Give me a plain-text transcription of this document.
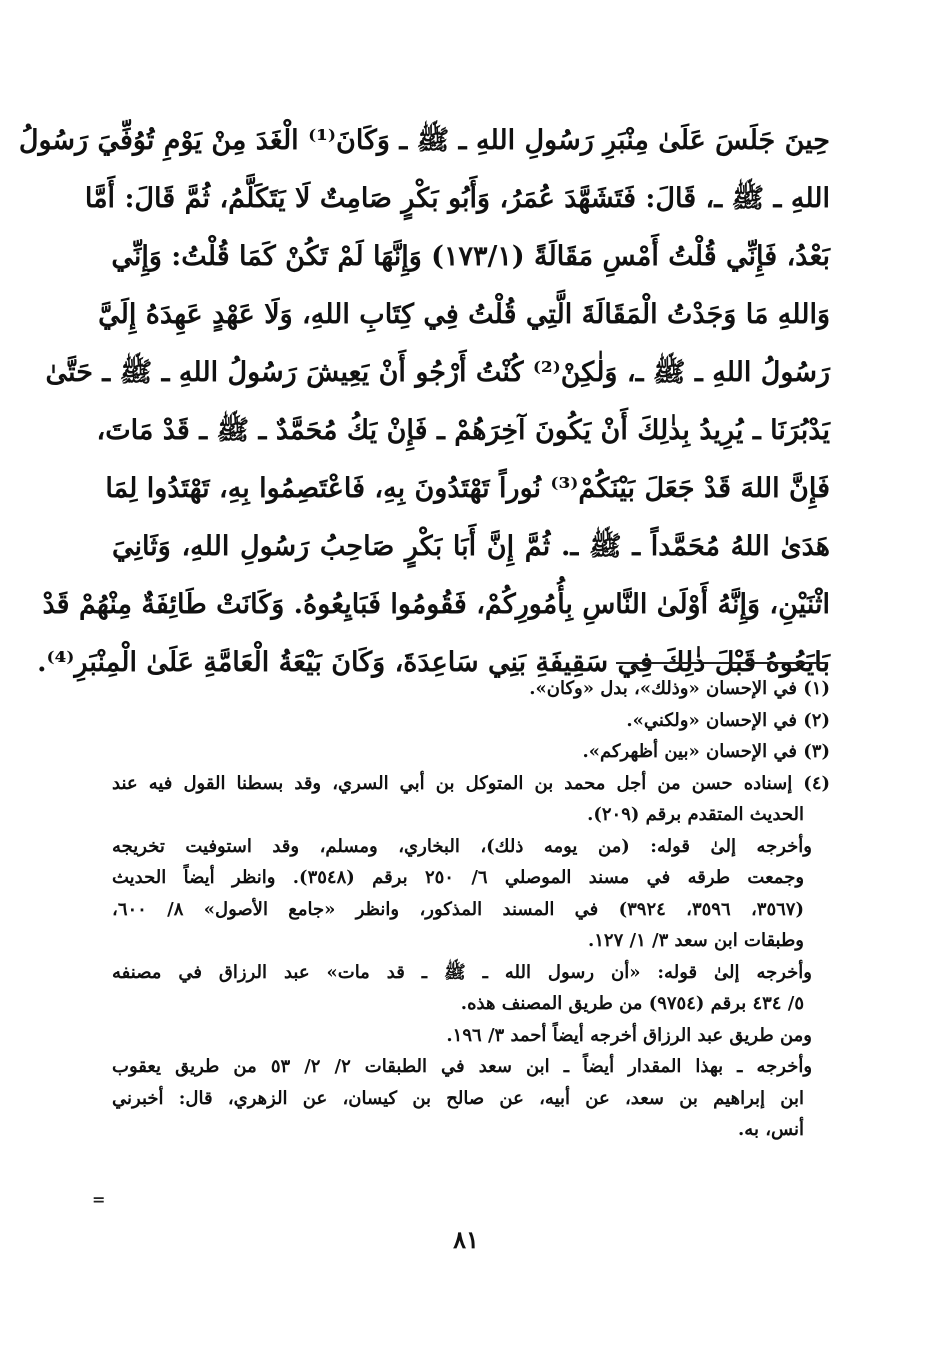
حِينَ جَلَسَ عَلَىٰ مِنْبَرِ رَسُولِ اللهِ ـ ﷺ ـ وَكَانَ⁽¹⁾ الْغَدَ مِنْ يَوْمِ تُوُفِّيَ رَسُولُ
اللهِ ـ ﷺ ـ، قَالَ: فَتَشَهَّدَ عُمَرُ، وَأَبُو بَكْرٍ صَامِتٌ لَا يَتَكَلَّمُ، ثُمَّ قَالَ: أَمَّا
بَعْدُ، فَإِنِّي قُلْتُ أَمْسِ مَقَالَةً (١٧٣/١) وَإِنَّهَا لَمْ تَكُنْ كَمَا قُلْتُ: وَإِنِّي
وَاللهِ مَا وَجَدْتُ الْمَقَالَةَ الَّتِي قُلْتُ فِي كِتَابِ اللهِ، وَلَا عَهْدٍ عَهِدَهُ إِلَيَّ
رَسُولُ اللهِ ـ ﷺ ـ، وَلٰكِنْ⁽²⁾ كُنْتُ أَرْجُو أَنْ يَعِيشَ رَسُولُ اللهِ ـ ﷺ ـ حَتَّىٰ
يَدْبُرَنَا ـ يُرِيدُ بِذٰلِكَ أَنْ يَكُونَ آخِرَهُمْ ـ فَإِنْ يَكُ مُحَمَّدٌ ـ ﷺ ـ قَدْ مَاتَ،
فَإِنَّ اللهَ قَدْ جَعَلَ بَيْنَكُمْ⁽³⁾ نُوراً تَهْتَدُونَ بِهِ، فَاعْتَصِمُوا بِهِ، تَهْتَدُوا لِمَا
هَدَىٰ اللهُ مُحَمَّداً ـ ﷺ ـ. ثُمَّ إِنَّ أَبَا بَكْرٍ صَاحِبُ رَسُولِ اللهِ، وَثَانِيَ
اثْنَيْنِ، وَإِنَّهُ أَوْلَىٰ النَّاسِ بِأُمُورِكُمْ، فَقُومُوا فَبَايِعُوهُ. وَكَانَتْ طَائِفَةٌ مِنْهُمْ قَدْ
بَايَعُوهُ قَبْلَ ذٰلِكَ فِي سَقِيفَةِ بَنِي سَاعِدَةَ، وَكَانَ بَيْعَةُ الْعَامَّةِ عَلَىٰ الْمِنْبَرِ⁽⁴⁾.
(١) في الإحسان «وذلك»، بدل «وكان».
(٢) في الإحسان «ولكني».
(٣) في الإحسان «بين أظهركم».
(٤) إسناده حسن من أجل محمد بن المتوكل بن أبي السري، وقد بسطنا القول فيه عند
الحديث المتقدم برقم (٢٠٩).
وأخرجه إلىٰ قوله: (من يومه ذلك)، البخاري، ومسلم، وقد استوفيت تخريجه
وجمعت طرقه في مسند الموصلي ٦/ ٢٥٠ برقم (٣٥٤٨). وانظر أيضاً الحديث
(٣٥٦٧، ٣٥٩٦، ٣٩٢٤) في المسند المذكور، وانظر «جامع الأصول» ٨/ ٦٠٠،
وطبقات ابن سعد ٣/ ١/ ١٢٧.
وأخرجه إلىٰ قوله: «أن رسول الله ـ ﷺ ـ قد مات» عبد الرزاق في مصنفه
٥/ ٤٣٤ برقم (٩٧٥٤) من طريق المصنف هذه.
ومن طريق عبد الرزاق أخرجه أيضاً أحمد ٣/ ١٩٦.
وأخرجه ـ بهذا المقدار أيضاً ـ ابن سعد في الطبقات ٢/ ٢/ ٥٣ من طريق يعقوب
ابن إبراهيم بن سعد، عن أبيه، عن صالح بن كيسان، عن الزهري، قال: أخبرني
أنس، به.
=
٨١
